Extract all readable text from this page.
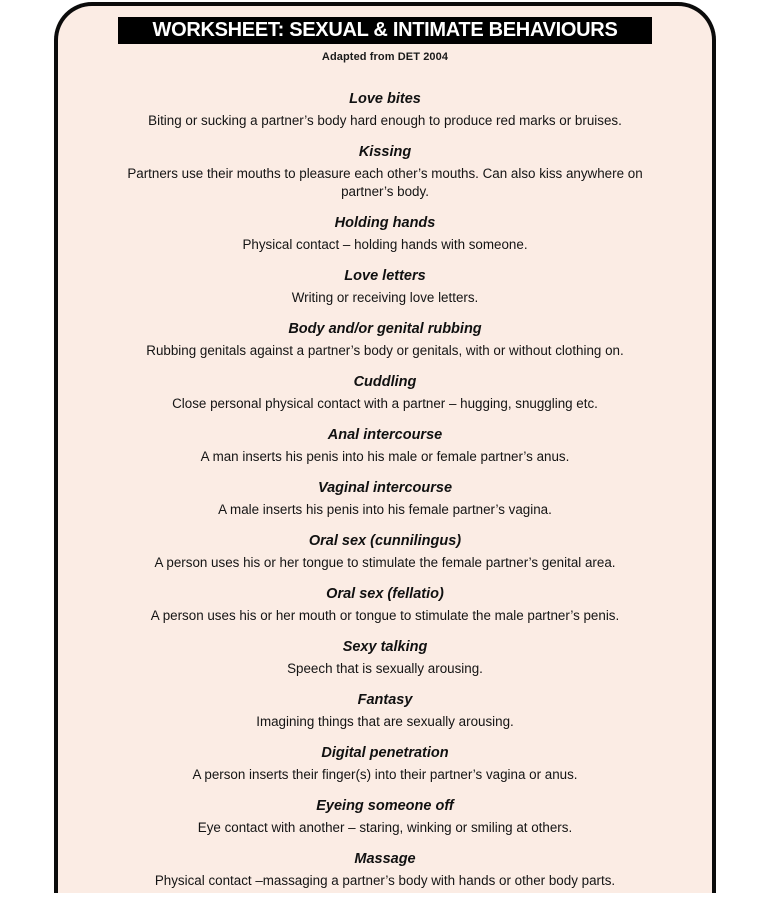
WORKSHEET: SEXUAL & INTIMATE BEHAVIOURS
Adapted from DET 2004
Love bites

Biting or sucking a partner’s body hard enough to produce red marks or bruises.

Kissing

Partners use their mouths to pleasure each other’s mouths. Can also kiss anywhere on partner’s body.

Holding hands

Physical contact – holding hands with someone.

Love letters

Writing or receiving love letters.

Body and/or genital rubbing

Rubbing genitals against a partner’s body or genitals, with or without clothing on.

Cuddling

Close personal physical contact with a partner – hugging, snuggling etc.

Anal intercourse

A man inserts his penis into his male or female partner’s anus.

Vaginal intercourse

A male inserts his penis into his female partner’s vagina.

Oral sex (cunnilingus)

A person uses his or her tongue to stimulate the female partner’s genital area.

Oral sex (fellatio)

A person uses his or her mouth or tongue to stimulate the male partner’s penis.

Sexy talking

Speech that is sexually arousing.

Fantasy

Imagining things that are sexually arousing.

Digital penetration

A person inserts their finger(s) into their partner’s vagina or anus.

Eyeing someone off

Eye contact with another – staring, winking or smiling at others.

Massage

Physical contact –massaging a partner’s body with hands or other body parts.
